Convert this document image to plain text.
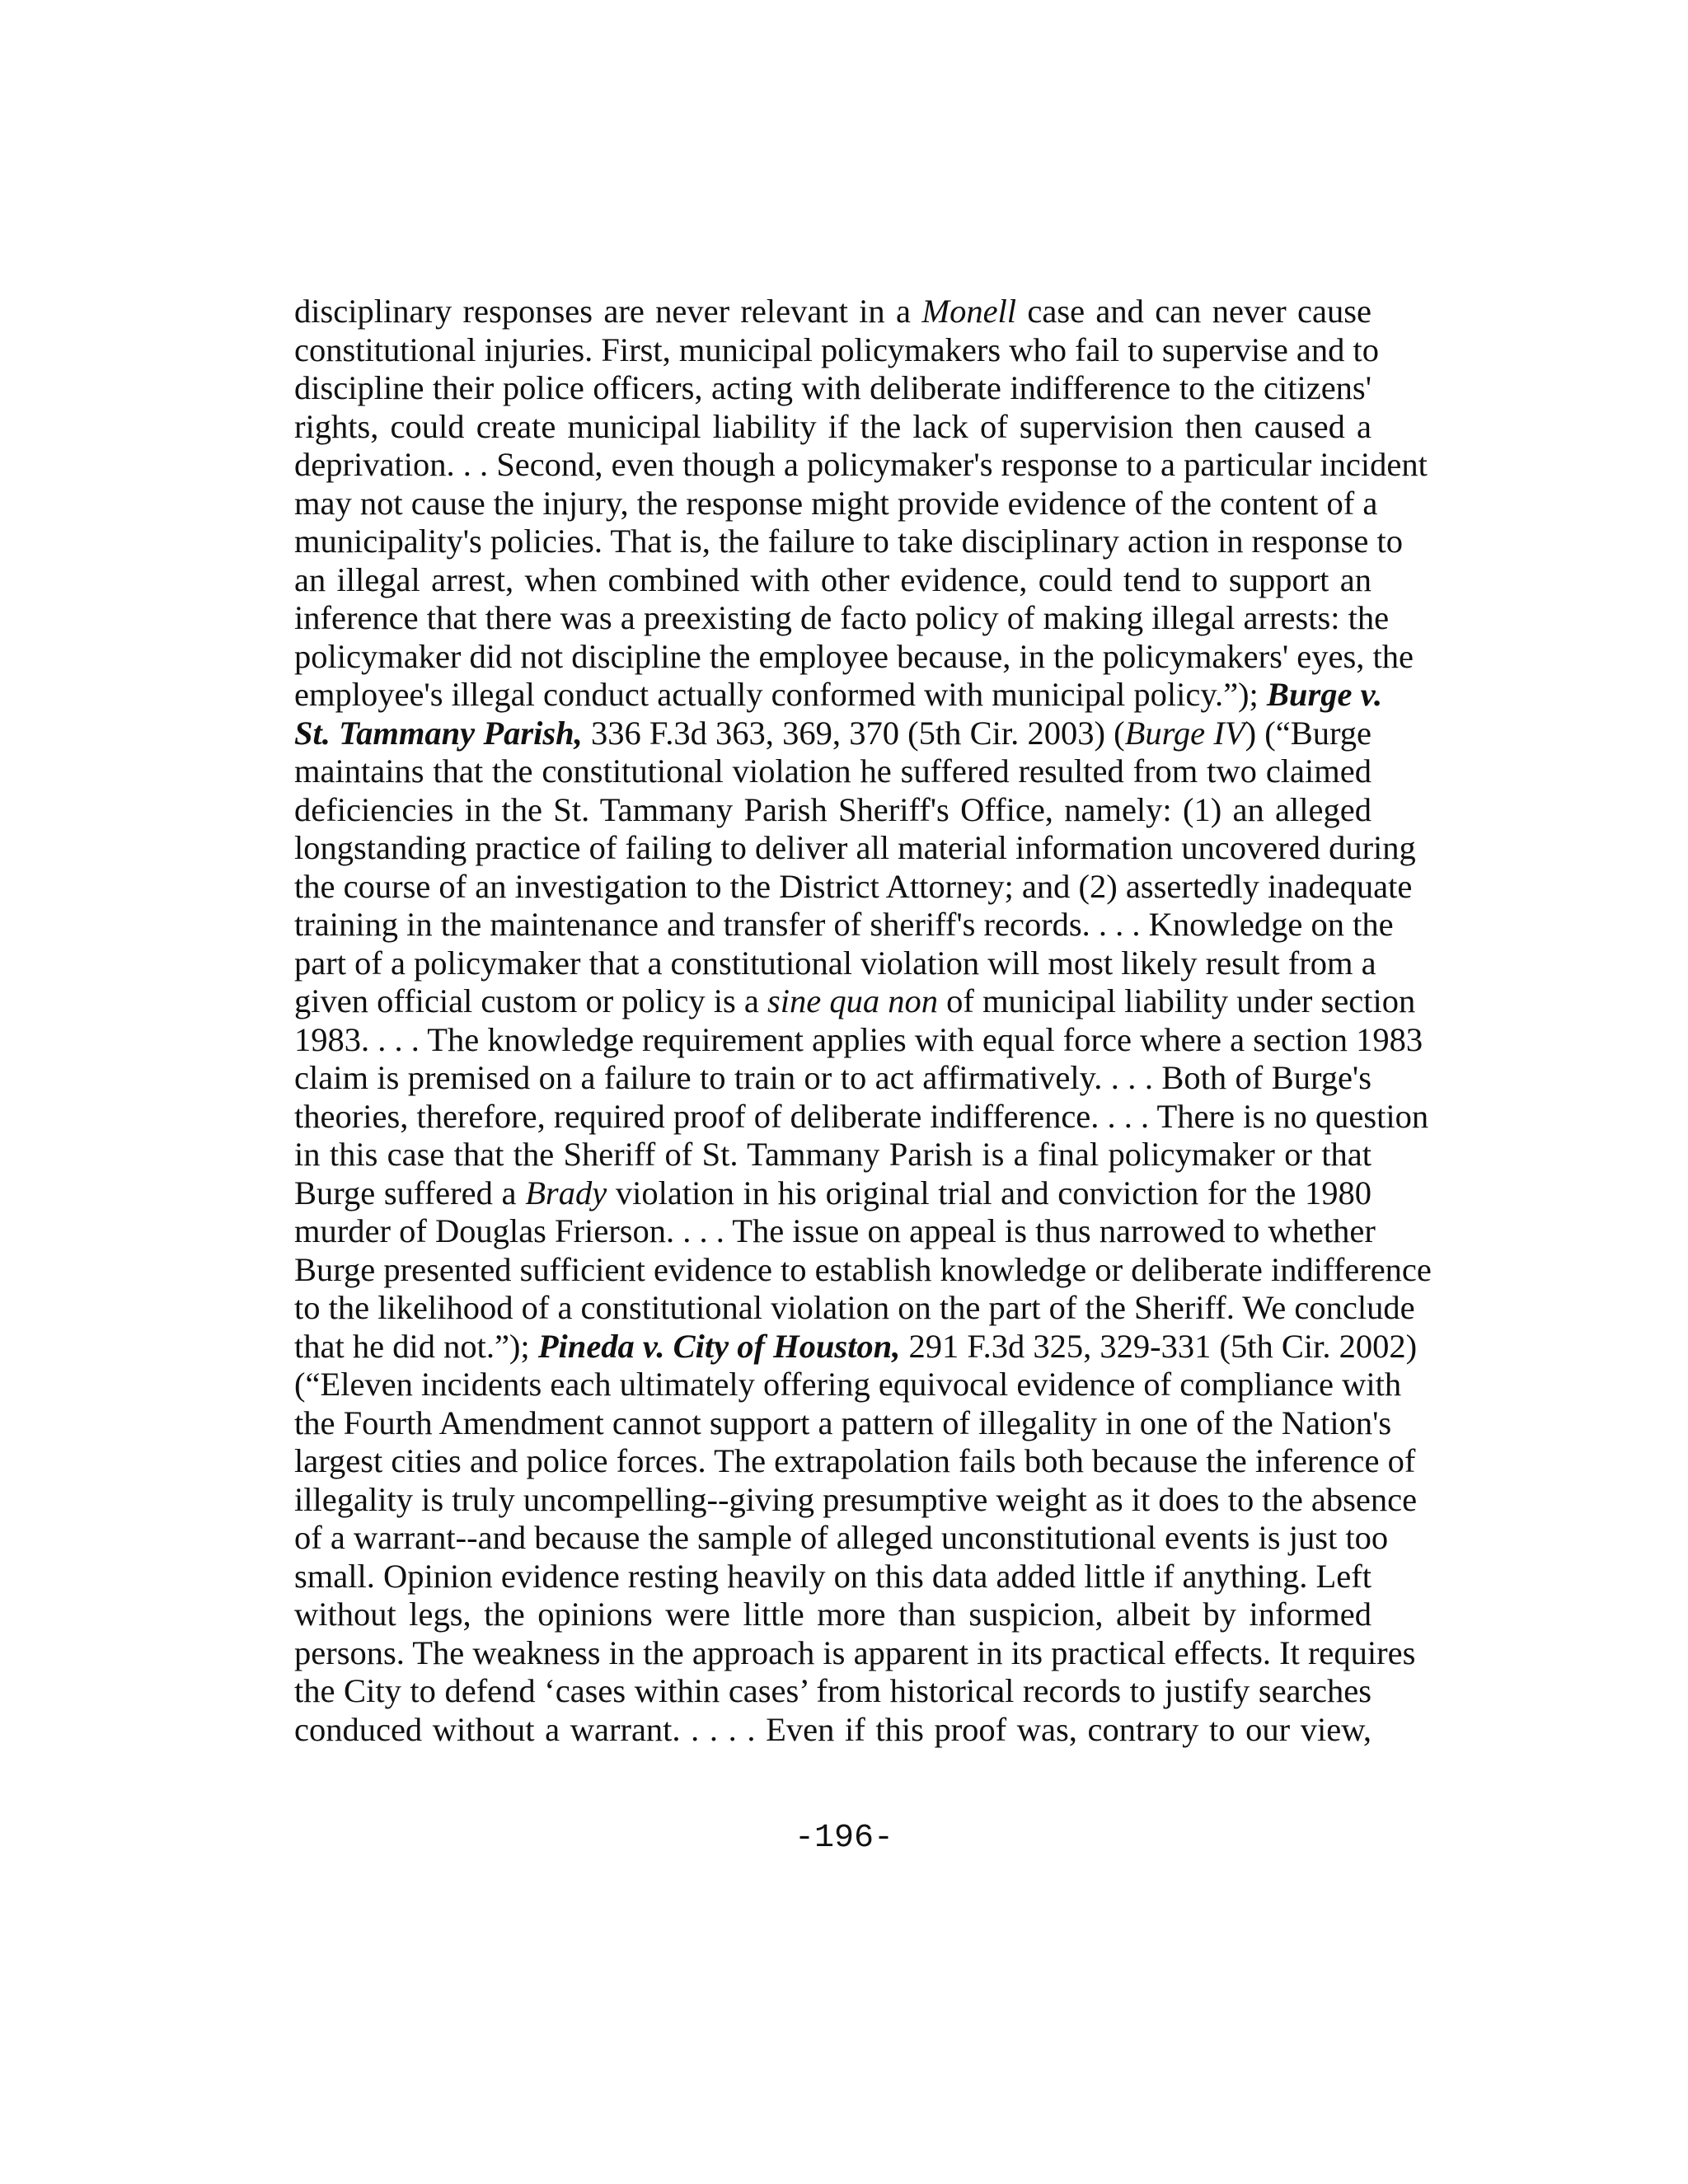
disciplinary responses are never relevant in a Monell case and can never cause
constitutional injuries. First, municipal policymakers who fail to supervise and to
discipline their police officers, acting with deliberate indifference to the citizens'
rights, could create municipal liability if the lack of supervision then caused a
deprivation. . . Second, even though a policymaker's response to a particular incident
may not cause the injury, the response might provide evidence of the content of a
municipality's policies. That is, the failure to take disciplinary action in response to
an illegal arrest, when combined with other evidence, could tend to support an
inference that there was a preexisting de facto policy of making illegal arrests: the
policymaker did not discipline the employee because, in the policymakers' eyes, the
employee's illegal conduct actually conformed with municipal policy.”); Burge v.
St. Tammany Parish, 336 F.3d 363, 369, 370 (5th Cir. 2003) (Burge IV) (“Burge
maintains that the constitutional violation he suffered resulted from two claimed
deficiencies in the St. Tammany Parish Sheriff's Office, namely: (1) an alleged
longstanding practice of failing to deliver all material information uncovered during
the course of an investigation to the District Attorney; and (2) assertedly inadequate
training in the maintenance and transfer of sheriff's records. . . . Knowledge on the
part of a policymaker that a constitutional violation will most likely result from a
given official custom or policy is a sine qua non of municipal liability under section
1983. . . . The knowledge requirement applies with equal force where a section 1983
claim is premised on a failure to train or to act affirmatively. . . . Both of Burge's
theories, therefore, required proof of deliberate indifference. . . . There is no question
in this case that the Sheriff of St. Tammany Parish is a final policymaker or that
Burge suffered a Brady violation in his original trial and conviction for the 1980
murder of Douglas Frierson. . . . The issue on appeal is thus narrowed to whether
Burge presented sufficient evidence to establish knowledge or deliberate indifference
to the likelihood of a constitutional violation on the part of the Sheriff. We conclude
that he did not.”); Pineda v. City of Houston, 291 F.3d 325, 329-331 (5th Cir. 2002)
(“Eleven incidents each ultimately offering equivocal evidence of compliance with
the Fourth Amendment cannot support a pattern of illegality in one of the Nation's
largest cities and police forces. The extrapolation fails both because the inference of
illegality is truly uncompelling--giving presumptive weight as it does to the absence
of a warrant--and because the sample of alleged unconstitutional events is just too
small. Opinion evidence resting heavily on this data added little if anything. Left
without legs, the opinions were little more than suspicion, albeit by informed
persons. The weakness in the approach is apparent in its practical effects. It requires
the City to defend ‘cases within cases’ from historical records to justify searches
conduced without a warrant. . . . . Even if this proof was, contrary to our view,
-196-
